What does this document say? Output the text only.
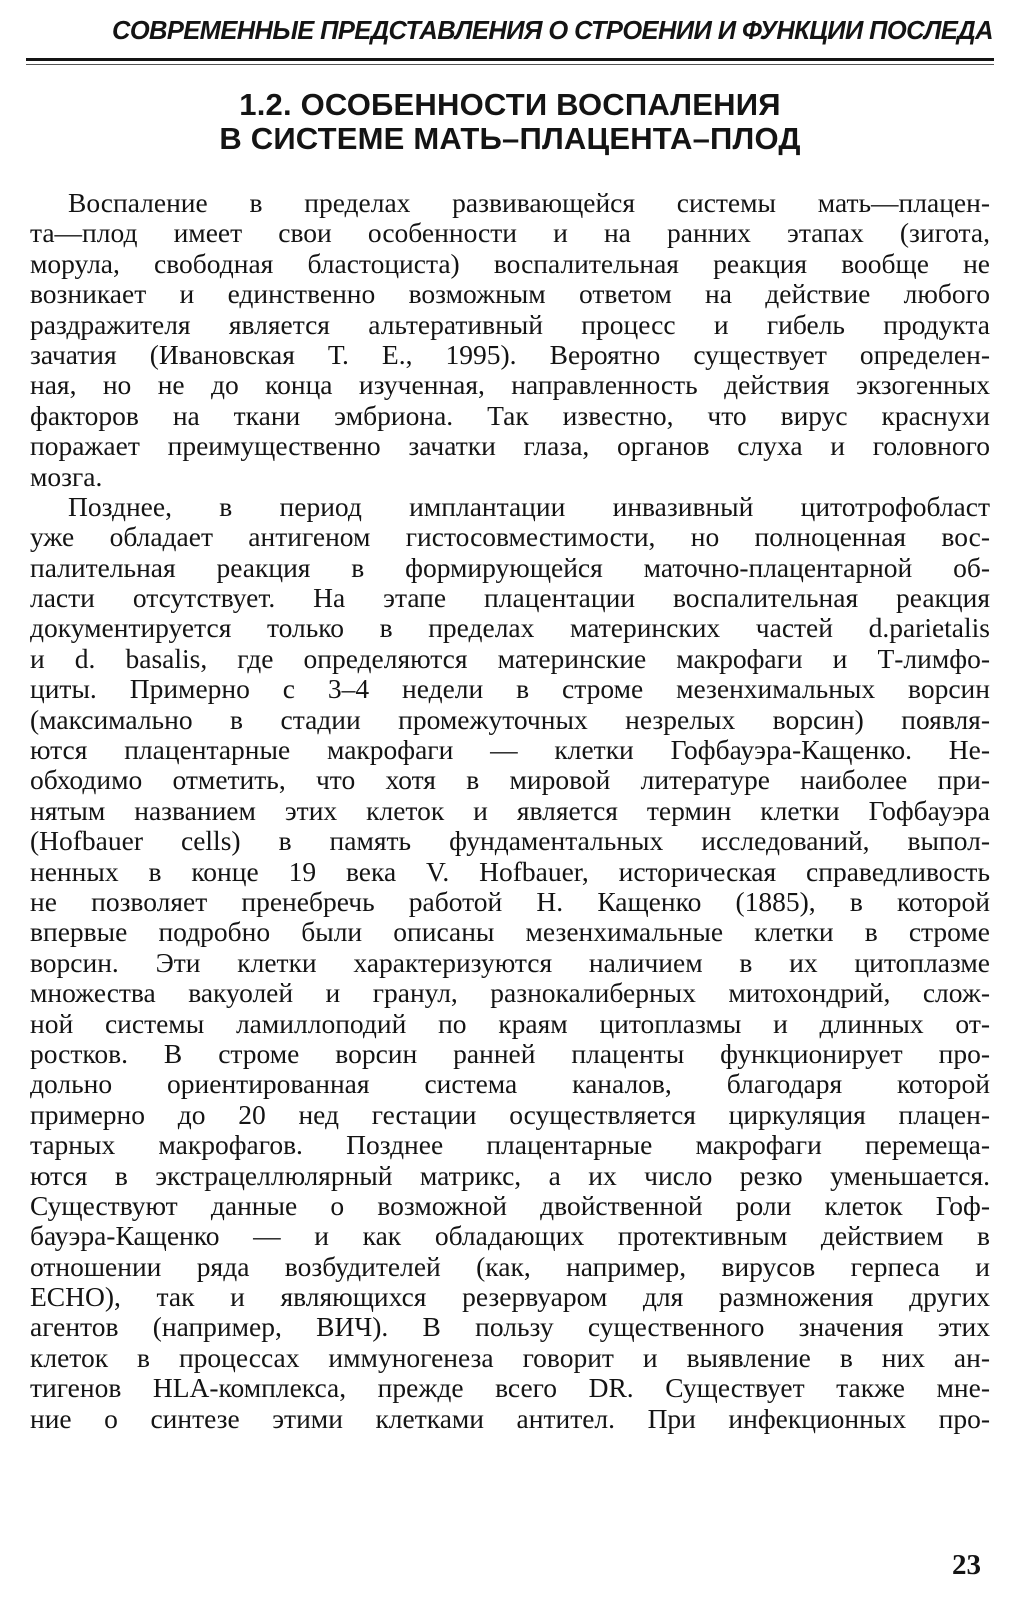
СОВРЕМЕННЫЕ ПРЕДСТАВЛЕНИЯ О СТРОЕНИИ И ФУНКЦИИ ПОСЛЕДА
1.2. ОСОБЕННОСТИ ВОСПАЛЕНИЯ
В СИСТЕМЕ МАТЬ–ПЛАЦЕНТА–ПЛОД
Воспаление в пределах развивающейся системы мать—плацен-
та—плод имеет свои особенности и на ранних этапах (зигота,
морула, свободная бластоциста) воспалительная реакция вообще не
возникает и единственно возможным ответом на действие любого
раздражителя является альтеративный процесс и гибель продукта
зачатия (Ивановская Т. Е., 1995). Вероятно существует определен-
ная, но не до конца изученная, направленность действия экзогенных
факторов на ткани эмбриона. Так известно, что вирус краснухи
поражает преимущественно зачатки глаза, органов слуха и головного
мозга.
Позднее, в период имплантации инвазивный цитотрофобласт
уже обладает антигеном гистосовместимости, но полноценная вос-
палительная реакция в формирующейся маточно-плацентарной об-
ласти отсутствует. На этапе плацентации воспалительная реакция
документируется только в пределах материнских частей d.parietalis
и d. basalis, где определяются материнские макрофаги и Т-лимфо-
циты. Примерно с 3–4 недели в строме мезенхимальных ворсин
(максимально в стадии промежуточных незрелых ворсин) появля-
ются плацентарные макрофаги — клетки Гофбауэра-Кащенко. Не-
обходимо отметить, что хотя в мировой литературе наиболее при-
нятым названием этих клеток и является термин клетки Гофбауэра
(Hofbauer cells) в память фундаментальных исследований, выпол-
ненных в конце 19 века V. Hofbauer, историческая справедливость
не позволяет пренебречь работой Н. Кащенко (1885), в которой
впервые подробно были описаны мезенхимальные клетки в строме
ворсин. Эти клетки характеризуются наличием в их цитоплазме
множества вакуолей и гранул, разнокалиберных митохондрий, слож-
ной системы ламиллоподий по краям цитоплазмы и длинных от-
ростков. В строме ворсин ранней плаценты функционирует про-
дольно ориентированная система каналов, благодаря которой
примерно до 20 нед гестации осуществляется циркуляция плацен-
тарных макрофагов. Позднее плацентарные макрофаги перемеща-
ются в экстрацеллюлярный матрикс, а их число резко уменьшается.
Существуют данные о возможной двойственной роли клеток Гоф-
бауэра-Кащенко — и как обладающих протективным действием в
отношении ряда возбудителей (как, например, вирусов герпеса и
ECHO), так и являющихся резервуаром для размножения других
агентов (например, ВИЧ). В пользу существенного значения этих
клеток в процессах иммуногенеза говорит и выявление в них ан-
тигенов HLA-комплекса, прежде всего DR. Существует также мне-
ние о синтезе этими клетками антител. При инфекционных про-
23
